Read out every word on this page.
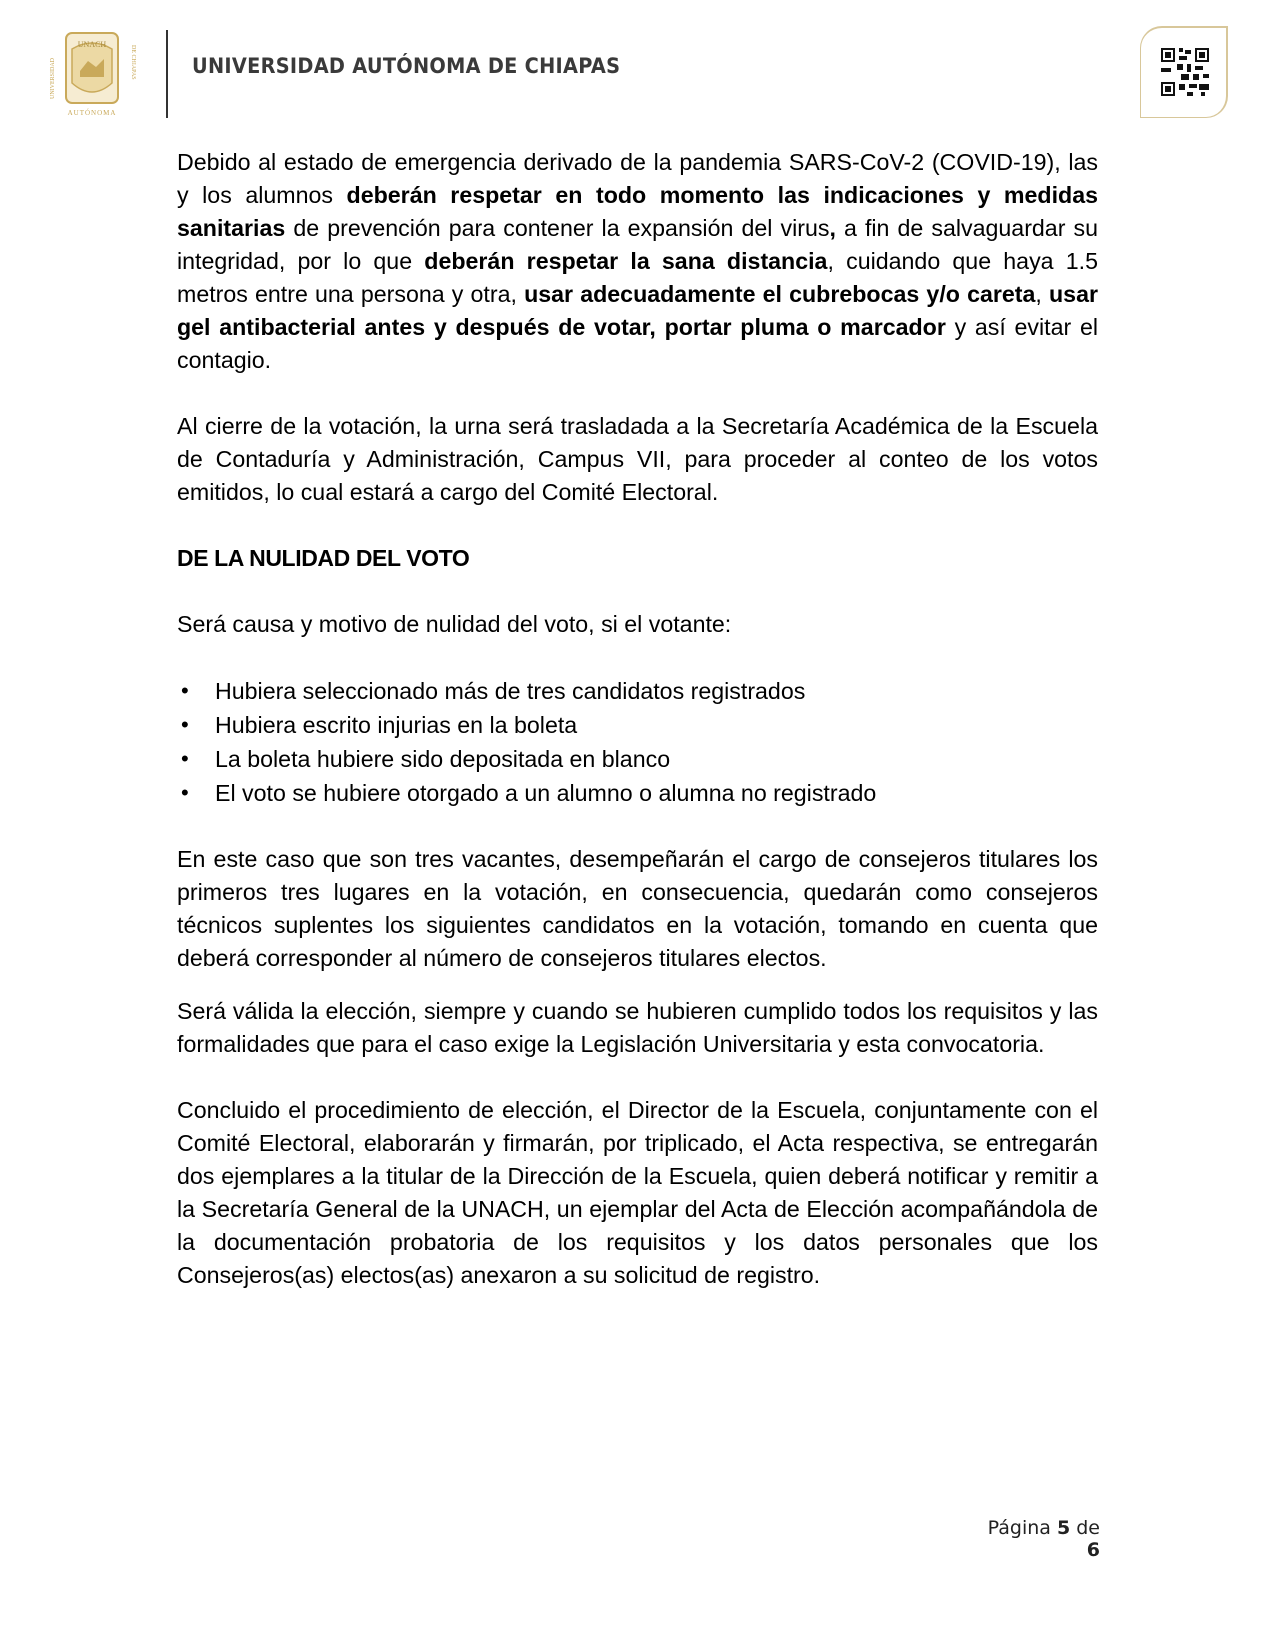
UNACH
UNIVERSIDAD	DE CHIAPAS
AUTÓNOMA
UNIVERSIDAD AUTÓNOMA DE CHIAPAS

Debido al estado de emergencia derivado de la pandemia SARS-CoV-2 (COVID-19), las y los alumnos deberán respetar en todo momento las indicaciones y medidas sanitarias de prevención para contener la expansión del virus, a fin de salvaguardar su integridad, por lo que deberán respetar la sana distancia, cuidando que haya 1.5 metros entre una persona y otra, usar adecuadamente el cubrebocas y/o careta, usar gel antibacterial antes y después de votar, portar pluma o marcador y así evitar el contagio.

Al cierre de la votación, la urna será trasladada a la Secretaría Académica de la Escuela de Contaduría y Administración, Campus VII, para proceder al conteo de los votos emitidos, lo cual estará a cargo del Comité Electoral.

DE LA NULIDAD DEL VOTO

Será causa y motivo de nulidad del voto, si el votante:

• Hubiera seleccionado más de tres candidatos registrados
• Hubiera escrito injurias en la boleta
• La boleta hubiere sido depositada en blanco
• El voto se hubiere otorgado a un alumno o alumna no registrado

En este caso que son tres vacantes, desempeñarán el cargo de consejeros titulares los primeros tres lugares en la votación, en consecuencia, quedarán como consejeros técnicos suplentes los siguientes candidatos en la votación, tomando en cuenta que deberá corresponder al número de consejeros titulares electos.

Será válida la elección, siempre y cuando se hubieren cumplido todos los requisitos y las formalidades que para el caso exige la Legislación Universitaria y esta convocatoria.

Concluido el procedimiento de elección, el Director de la Escuela, conjuntamente con el Comité Electoral, elaborarán y firmarán, por triplicado, el Acta respectiva, se entregarán dos ejemplares a la titular de la Dirección de la Escuela, quien deberá notificar y remitir a la Secretaría General de la UNACH, un ejemplar del Acta de Elección acompañándola de la documentación probatoria de los requisitos y los datos personales que los Consejeros(as) electos(as) anexaron a su solicitud de registro.

Página 5 de 6
